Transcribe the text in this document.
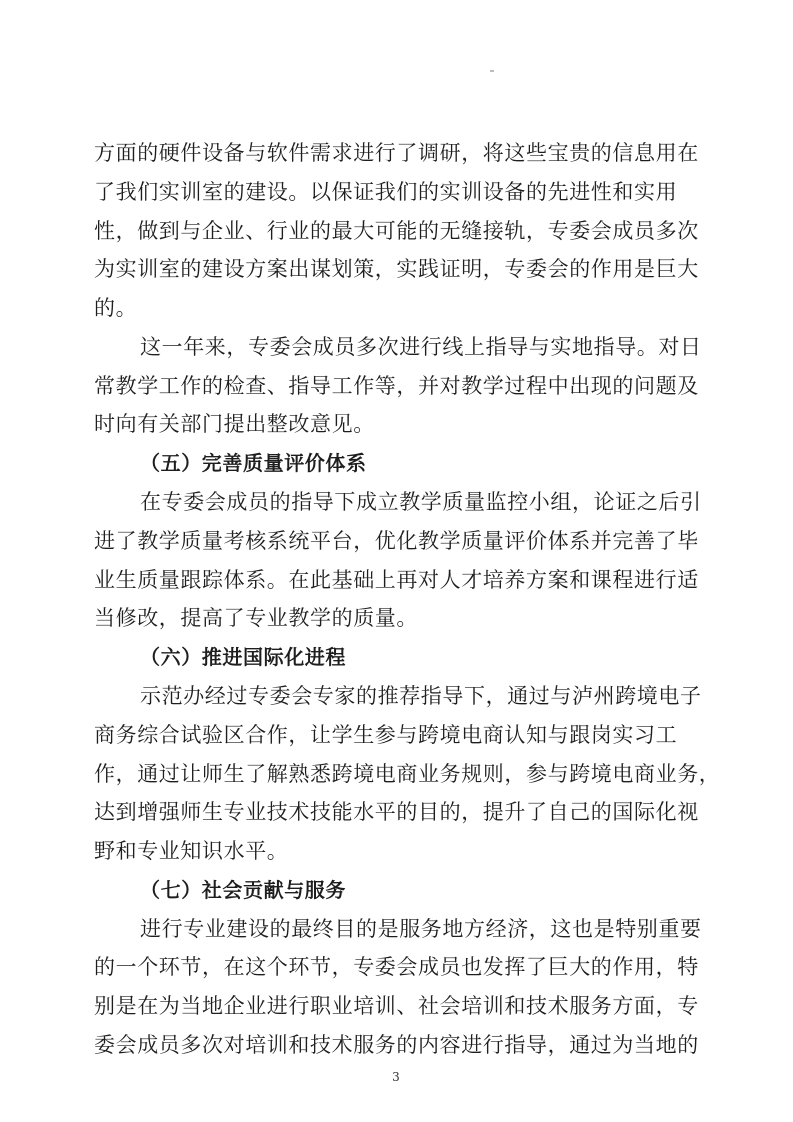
方面的硬件设备与软件需求进行了调研，将这些宝贵的信息用在
了我们实训室的建设。以保证我们的实训设备的先进性和实用
性，做到与企业、行业的最大可能的无缝接轨，专委会成员多次
为实训室的建设方案出谋划策，实践证明，专委会的作用是巨大
的。
这一年来，专委会成员多次进行线上指导与实地指导。对日
常教学工作的检查、指导工作等，并对教学过程中出现的问题及
时向有关部门提出整改意见。
（五）完善质量评价体系
在专委会成员的指导下成立教学质量监控小组，论证之后引
进了教学质量考核系统平台，优化教学质量评价体系并完善了毕
业生质量跟踪体系。在此基础上再对人才培养方案和课程进行适
当修改，提高了专业教学的质量。
（六）推进国际化进程
示范办经过专委会专家的推荐指导下，通过与泸州跨境电子
商务综合试验区合作，让学生参与跨境电商认知与跟岗实习工
作，通过让师生了解熟悉跨境电商业务规则，参与跨境电商业务，
达到增强师生专业技术技能水平的目的，提升了自己的国际化视
野和专业知识水平。
（七）社会贡献与服务
进行专业建设的最终目的是服务地方经济，这也是特别重要
的一个环节，在这个环节，专委会成员也发挥了巨大的作用，特
别是在为当地企业进行职业培训、社会培训和技术服务方面，专
委会成员多次对培训和技术服务的内容进行指导，通过为当地的
3
